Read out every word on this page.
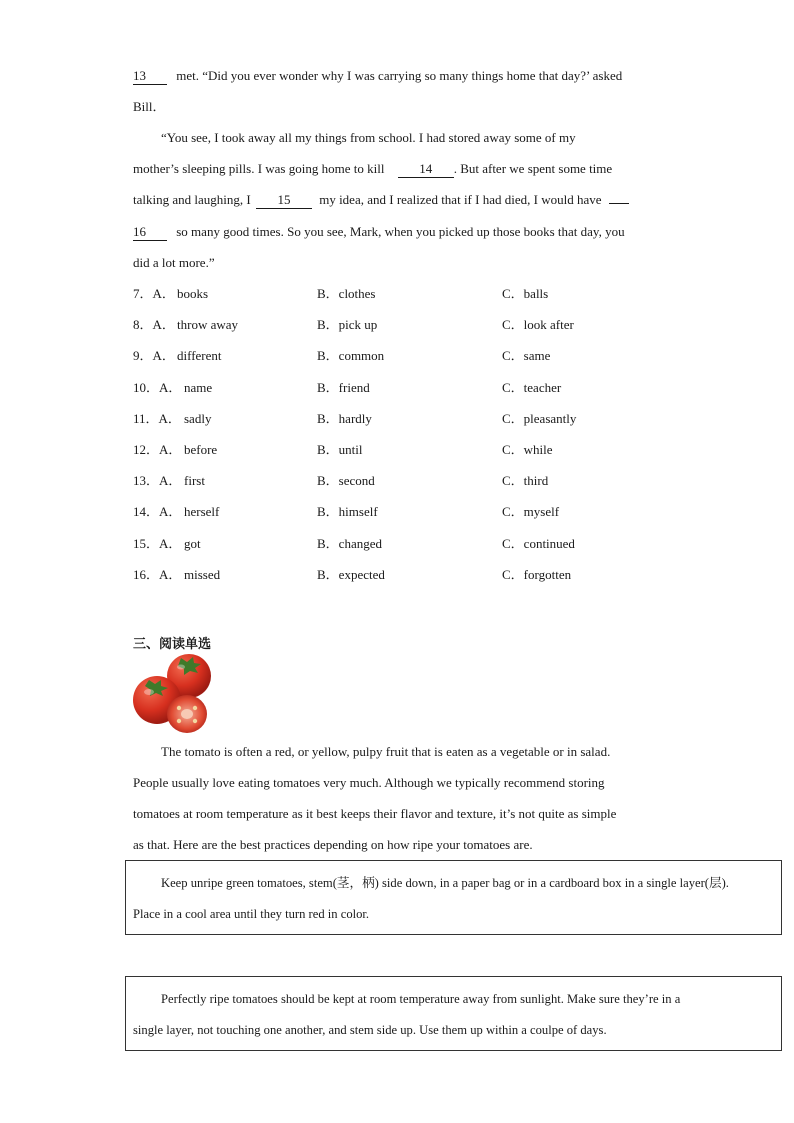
13 met. “Did you ever wonder why I was carrying so many things home that day?’ asked
Bill．
“You see, I took away all my things from school. I had stored away some of my
mother’s sleeping pills. I was going home to kill	14 . But after we spent some time
talking and laughing, I 15 my idea, and I realized that if I had died, I would have
16 so many good times. So you see, Mark, when you picked up those books that day, you
did a lot more.”
7．A． books	B．clothes	C．balls
8．A． throw away	B．pick up	C．look after
9．A． different	B．common	C．same
10．A． name	B．friend	C．teacher
11．A． sadly	B．hardly	C．pleasantly
12．A． before	B．until	C．while
13．A． first	B．second	C．third
14．A． herself	B．himself	C．myself
15．A． got	B．changed	C．continued
16．A． missed	B．expected	C．forgotten
三、阅读单选
The tomato is often a red, or yellow, pulpy fruit that is eaten as a vegetable or in salad.
People usually love eating tomatoes very much. Although we typically recommend storing
tomatoes at room temperature as it best keeps their flavor and texture, it’s not quite as simple
as that. Here are the best practices depending on how ripe your tomatoes are.
Keep unripe green tomatoes, stem(茎，柄) side down, in a paper bag or in a cardboard box in a single layer(层).
Place in a cool area until they turn red in color.
Perfectly ripe tomatoes should be kept at room temperature away from sunlight. Make sure they’re in a
single layer, not touching one another, and stem side up. Use them up within a coulpe of days.
